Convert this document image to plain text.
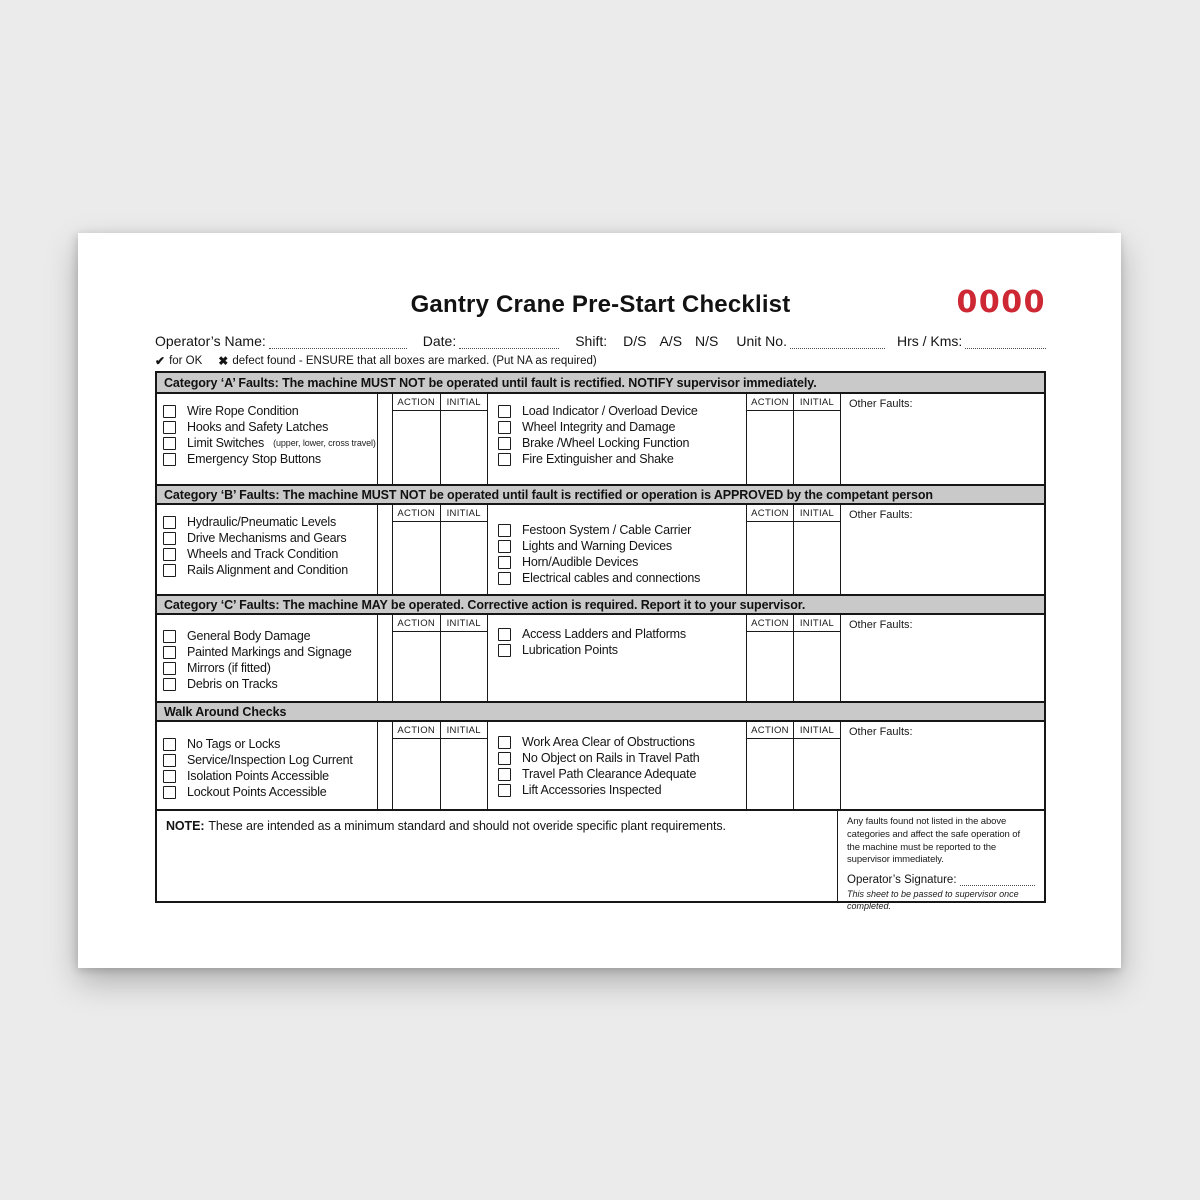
Gantry Crane Pre-Start Checklist	0000
Operator’s Name:	Date:	Shift: D/S A/S N/S Unit No.	Hrs / Kms:
✔ for OK ✖ defect found - ENSURE that all boxes are marked. (Put NA as required)
Category ‘A’ Faults: The machine MUST NOT be operated until fault is rectified. NOTIFY supervisor immediately.
Wire Rope Condition
Hooks and Safety Latches
Limit Switches (upper, lower, cross travel)
Emergency Stop Buttons
ACTION	INITIAL
Load Indicator / Overload Device
Wheel Integrity and Damage
Brake /Wheel Locking Function
Fire Extinguisher and Shake
ACTION	INITIAL	Other Faults:
Category ‘B’ Faults: The machine MUST NOT be operated until fault is rectified or operation is APPROVED by the competant person
Hydraulic/Pneumatic Levels
Drive Mechanisms and Gears
Wheels and Track Condition
Rails Alignment and Condition
ACTION	INITIAL
Festoon System / Cable Carrier
Lights and Warning Devices
Horn/Audible Devices
Electrical cables and connections
ACTION	INITIAL	Other Faults:
Category ‘C’ Faults: The machine MAY be operated. Corrective action is required. Report it to your supervisor.
General Body Damage
Painted Markings and Signage
Mirrors (if fitted)
Debris on Tracks
ACTION	INITIAL
Access Ladders and Platforms
Lubrication Points
ACTION	INITIAL	Other Faults:
Walk Around Checks
No Tags or Locks
Service/Inspection Log Current
Isolation Points Accessible
Lockout Points Accessible
ACTION	INITIAL
Work Area Clear of Obstructions
No Object on Rails in Travel Path
Travel Path Clearance Adequate
Lift Accessories Inspected
ACTION	INITIAL	Other Faults:
NOTE: These are intended as a minimum standard and should not overide specific plant requirements.	Any faults found not listed in the above categories and affect the safe operation of the machine must be reported to the supervisor immediately.

Operator’s Signature:

This sheet to be passed to supervisor once completed.
